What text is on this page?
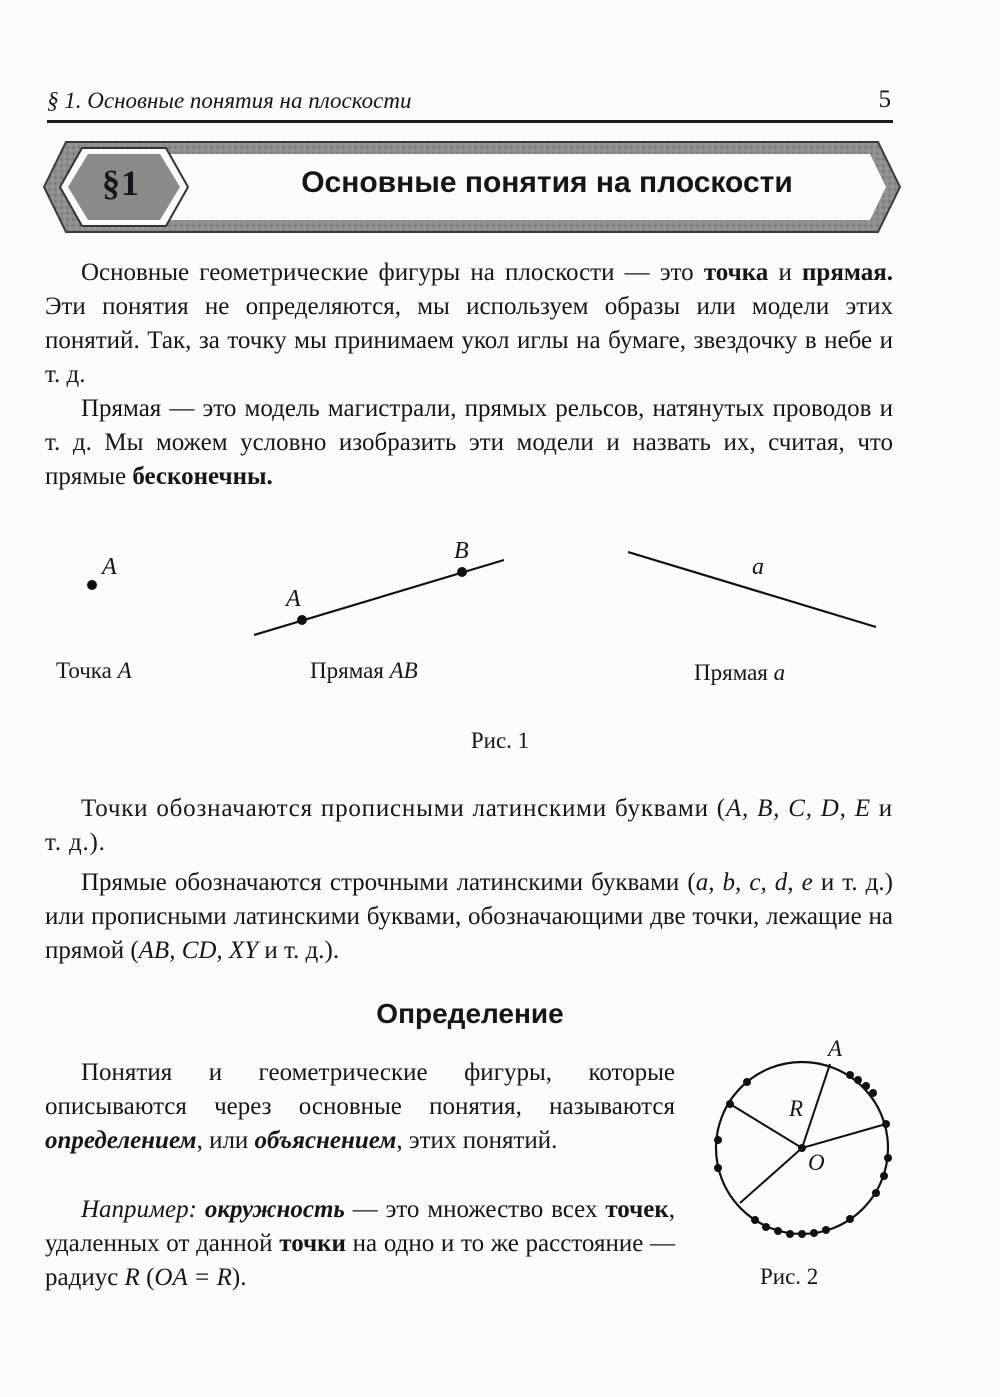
§ 1. Основные понятия на плоскости	5
§1	Основные понятия на плоскости

Основные геометрические фигуры на плоскости — это точка и прямая. Эти понятия не определяются, мы используем образы или модели этих понятий. Так, за точку мы принимаем укол иглы на бумаге, звездочку в небе и т. д.

Прямая — это модель магистрали, прямых рельсов, натянутых проводов и т. д. Мы можем условно изобразить эти модели и назвать их, считая, что прямые бесконечны.

A
A
B
a
Точка A	Прямая AB	Прямая a
Рис. 1

Точки обозначаются прописными латинскими буквами (A, B, C, D, E и т. д.).

Прямые обозначаются строчными латинскими буквами (a, b, c, d, e и т. д.) или прописными латинскими буквами, обозначающими две точки, лежащие на прямой (AB, CD, XY и т. д.).

Определение

Понятия и геометрические фигуры, которые описываются через основные понятия, называются определением, или объяснением, этих понятий.

Например: окружность — это множество всех точек, удаленных от данной точки на одно и то же расстояние — радиус R (OA = R).

A
R
O
Рис. 2
